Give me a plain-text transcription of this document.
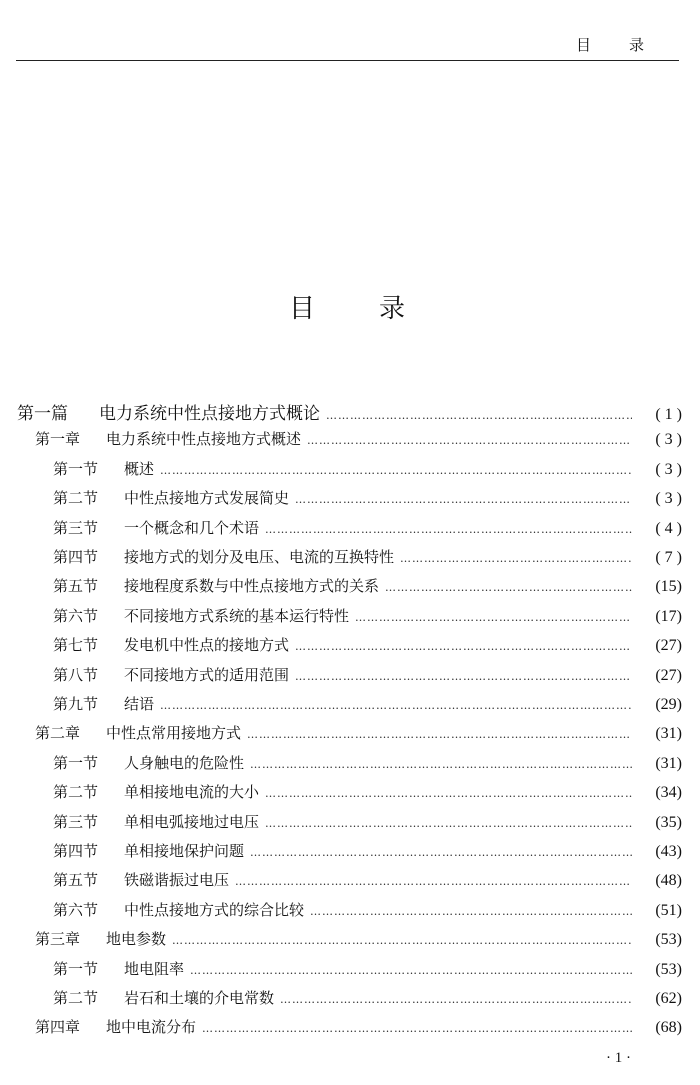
目	录
目 录
第一篇	电力系统中性点接地方式概论 ………………………………………………………………………………………………………………………………………………………………………………………………	( 1 )
第一章	电力系统中性点接地方式概述 ………………………………………………………………………………………………………………………………………………………………………………………………	( 3 )
第一节	概述 ………………………………………………………………………………………………………………………………………………………………………………………………	( 3 )
第二节	中性点接地方式发展简史 ………………………………………………………………………………………………………………………………………………………………………………………………	( 3 )
第三节	一个概念和几个术语 ………………………………………………………………………………………………………………………………………………………………………………………………	( 4 )
第四节	接地方式的划分及电压、电流的互换特性 ………………………………………………………………………………………………………………………………………………………………………………………………	( 7 )
第五节	接地程度系数与中性点接地方式的关系 ………………………………………………………………………………………………………………………………………………………………………………………………	(15)
第六节	不同接地方式系统的基本运行特性 ………………………………………………………………………………………………………………………………………………………………………………………………	(17)
第七节	发电机中性点的接地方式 ………………………………………………………………………………………………………………………………………………………………………………………………	(27)
第八节	不同接地方式的适用范围 ………………………………………………………………………………………………………………………………………………………………………………………………	(27)
第九节	结语 ………………………………………………………………………………………………………………………………………………………………………………………………	(29)
第二章	中性点常用接地方式 ………………………………………………………………………………………………………………………………………………………………………………………………	(31)
第一节	人身触电的危险性 ………………………………………………………………………………………………………………………………………………………………………………………………	(31)
第二节	单相接地电流的大小 ………………………………………………………………………………………………………………………………………………………………………………………………	(34)
第三节	单相电弧接地过电压 ………………………………………………………………………………………………………………………………………………………………………………………………	(35)
第四节	单相接地保护问题 ………………………………………………………………………………………………………………………………………………………………………………………………	(43)
第五节	铁磁谐振过电压 ………………………………………………………………………………………………………………………………………………………………………………………………	(48)
第六节	中性点接地方式的综合比较 ………………………………………………………………………………………………………………………………………………………………………………………………	(51)
第三章	地电参数 ………………………………………………………………………………………………………………………………………………………………………………………………	(53)
第一节	地电阻率 ………………………………………………………………………………………………………………………………………………………………………………………………	(53)
第二节	岩石和土壤的介电常数 ………………………………………………………………………………………………………………………………………………………………………………………………	(62)
第四章	地中电流分布 ………………………………………………………………………………………………………………………………………………………………………………………………	(68)
· 1 ·
